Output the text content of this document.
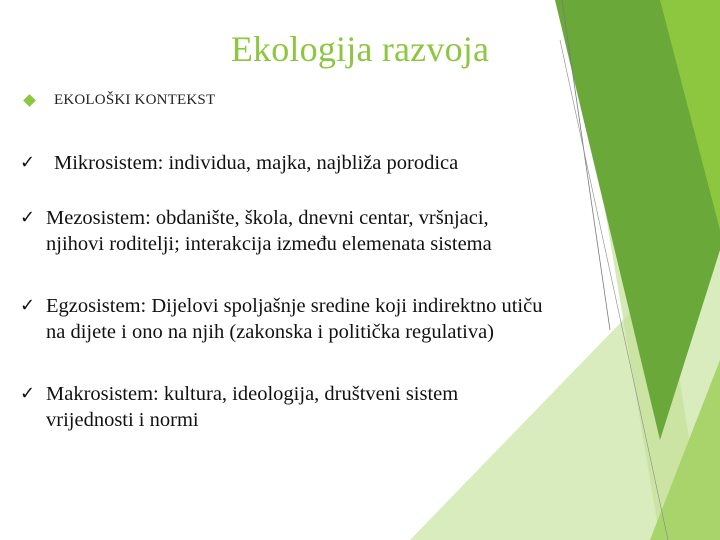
Ekologija razvoja
EKOLOŠKI KONTEKST
✓ Mikrosistem: individua, majka, najbliža porodica
✓ Mezosistem: obdanište, škola, dnevni centar, vršnjaci,
njihovi roditelji; interakcija između elemenata sistema
✓ Egzosistem: Dijelovi spoljašnje sredine koji indirektno utiču
na dijete i ono na njih (zakonska i politička regulativa)
✓ Makrosistem: kultura, ideologija, društveni sistem
vrijednosti i normi
